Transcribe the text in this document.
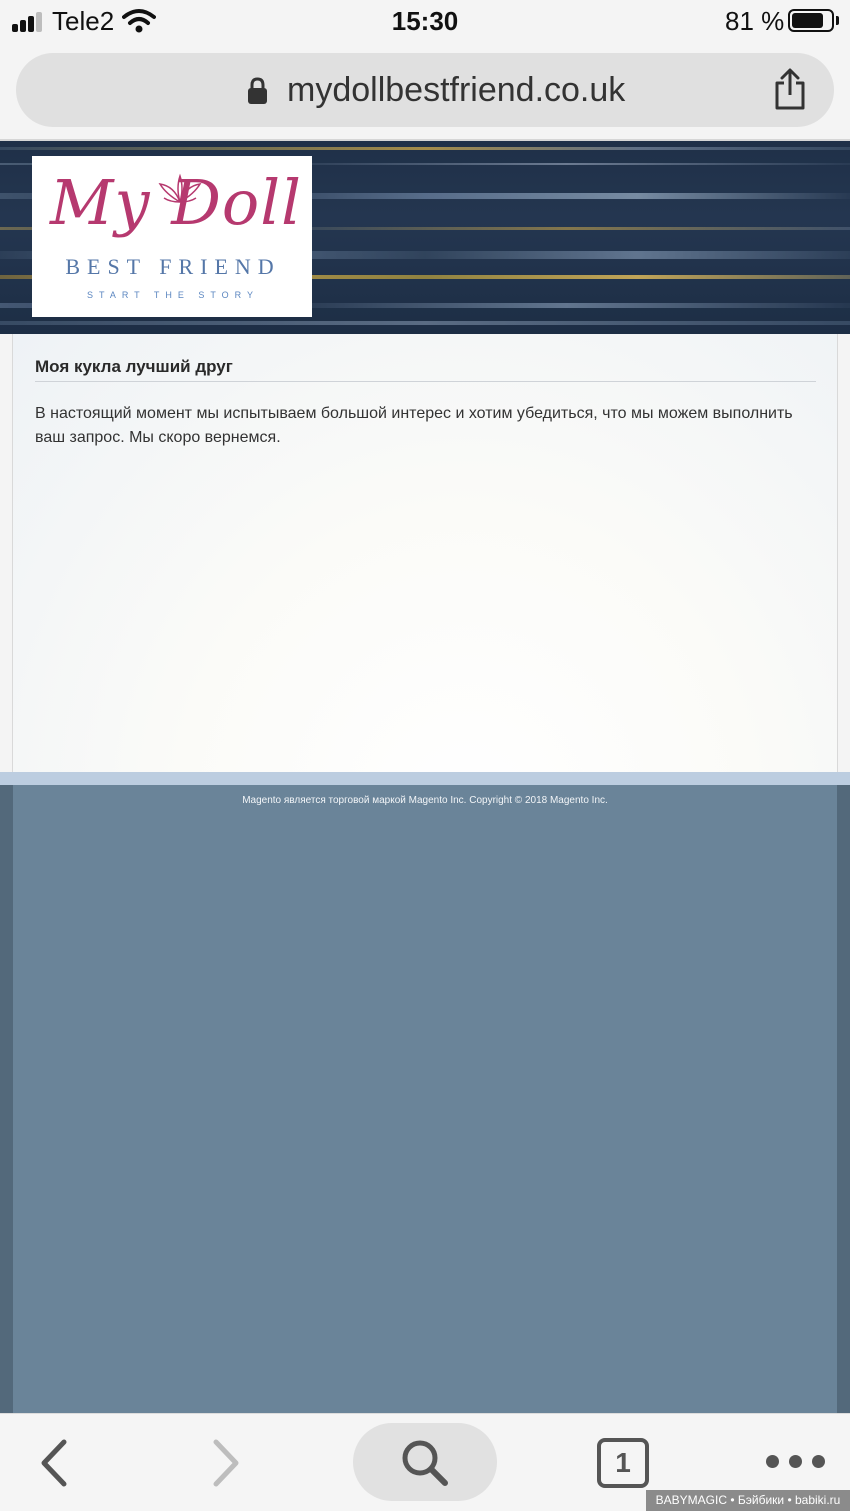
Tele2	15:30	81 %
mydollbestfriend.co.uk
My Doll
BEST FRIEND
START THE STORY
Моя кукла лучший друг

В настоящий момент мы испытываем большой интерес и хотим убедиться, что мы можем выполнить ваш запрос. Мы скоро вернемся.

Magento является торговой маркой Magento Inc. Copyright © 2018 Magento Inc.
1
BABYMAGIC • Бэйбики • babiki.ru
